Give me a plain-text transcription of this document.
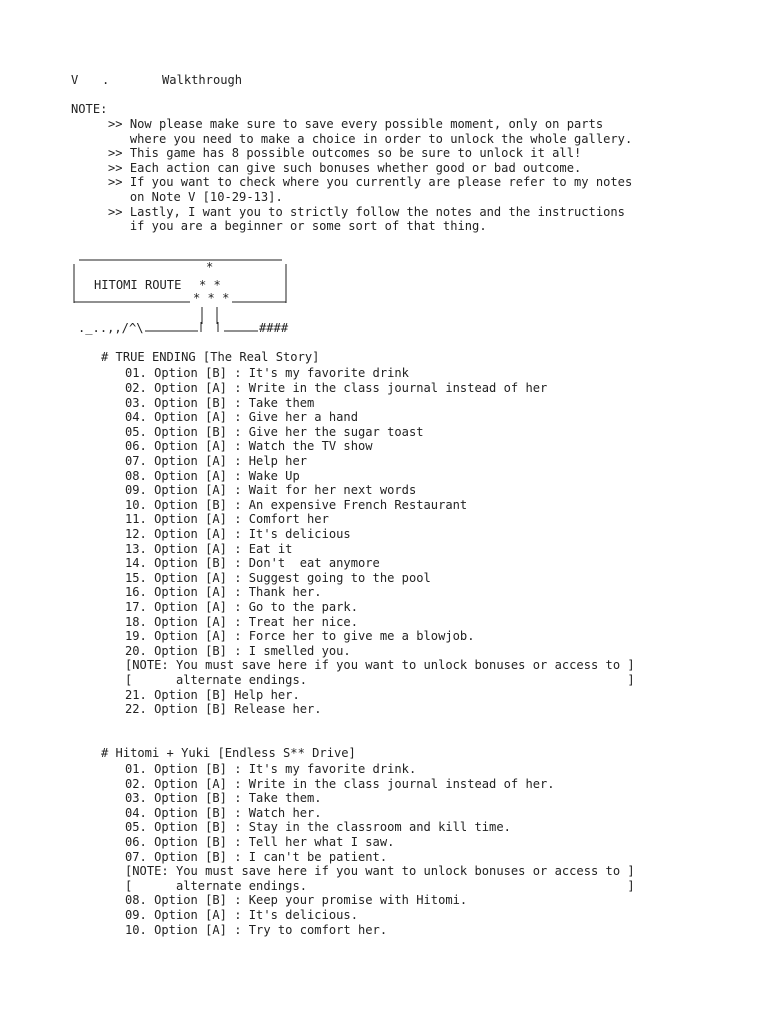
V .	Walkthrough
NOTE:
>> Now please make sure to save every possible moment, only on parts
where you need to make a choice in order to unlock the whole gallery.
>> This game has 8 possible outcomes so be sure to unlock it all!
>> Each action can give such bonuses whether good or bad outcome.
>> If you want to check where you currently are please refer to my notes
on Note V [10-29-13].
>> Lastly, I want you to strictly follow the notes and the instructions
if you are a beginner or some sort of that thing.
*
HITOMI ROUTE * *
* * *
._..,,/^\	####
# TRUE ENDING [The Real Story]
01. Option [B] : It's my favorite drink
02. Option [A] : Write in the class journal instead of her
03. Option [B] : Take them
04. Option [A] : Give her a hand
05. Option [B] : Give her the sugar toast
06. Option [A] : Watch the TV show
07. Option [A] : Help her
08. Option [A] : Wake Up
09. Option [A] : Wait for her next words
10. Option [B] : An expensive French Restaurant
11. Option [A] : Comfort her
12. Option [A] : It's delicious
13. Option [A] : Eat it
14. Option [B] : Don't  eat anymore
15. Option [A] : Suggest going to the pool
16. Option [A] : Thank her.
17. Option [A] : Go to the park.
18. Option [A] : Treat her nice.
19. Option [A] : Force her to give me a blowjob.
20. Option [B] : I smelled you.
[NOTE: You must save here if you want to unlock bonuses or access to ]
[      alternate endings.                                            ]
21. Option [B] Help her.
22. Option [B] Release her.
# Hitomi + Yuki [Endless S** Drive]
01. Option [B] : It's my favorite drink.
02. Option [A] : Write in the class journal instead of her.
03. Option [B] : Take them.
04. Option [B] : Watch her.
05. Option [B] : Stay in the classroom and kill time.
06. Option [B] : Tell her what I saw.
07. Option [B] : I can't be patient.
[NOTE: You must save here if you want to unlock bonuses or access to ]
[      alternate endings.                                            ]
08. Option [B] : Keep your promise with Hitomi.
09. Option [A] : It's delicious.
10. Option [A] : Try to comfort her.
